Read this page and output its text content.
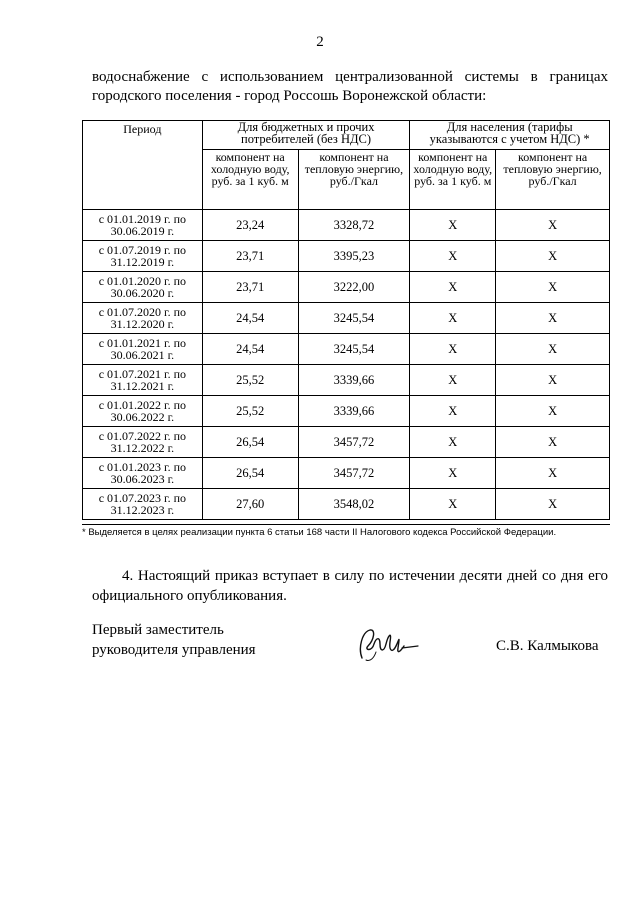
2
водоснабжение с использованием централизованной системы в границах
городского поселения - город Россошь Воронежской области:
Период	Для бюджетных и прочих потребителей (без НДС)		Для населения (тарифы указываются с учетом НДС) *	
	компонент на холодную воду, руб. за 1 куб. м	компонент на тепловую энергию, руб./Гкал	компонент на холодную воду, руб. за 1 куб. м	компонент на тепловую энергию, руб./Гкал
с 01.01.2019 г. по 30.06.2019 г.	23,24	3328,72	Х	Х
с 01.07.2019 г. по 31.12.2019 г.	23,71	3395,23	Х	Х
с 01.01.2020 г. по 30.06.2020 г.	23,71	3222,00	Х	Х
с 01.07.2020 г. по 31.12.2020 г.	24,54	3245,54	Х	Х
с 01.01.2021 г. по 30.06.2021 г.	24,54	3245,54	Х	Х
с 01.07.2021 г. по 31.12.2021 г.	25,52	3339,66	Х	Х
с 01.01.2022 г. по 30.06.2022 г.	25,52	3339,66	Х	Х
с 01.07.2022 г. по 31.12.2022 г.	26,54	3457,72	Х	Х
с 01.01.2023 г. по 30.06.2023 г.	26,54	3457,72	Х	Х
с 01.07.2023 г. по 31.12.2023 г.	27,60	3548,02	Х	Х
* Выделяется в целях реализации пункта 6 статьи 168 части II Налогового кодекса Российской Федерации.
4. Настоящий приказ вступает в силу по истечении десяти дней со дня его
официального опубликования.
Первый заместитель
руководителя управления	С.В. Калмыкова
